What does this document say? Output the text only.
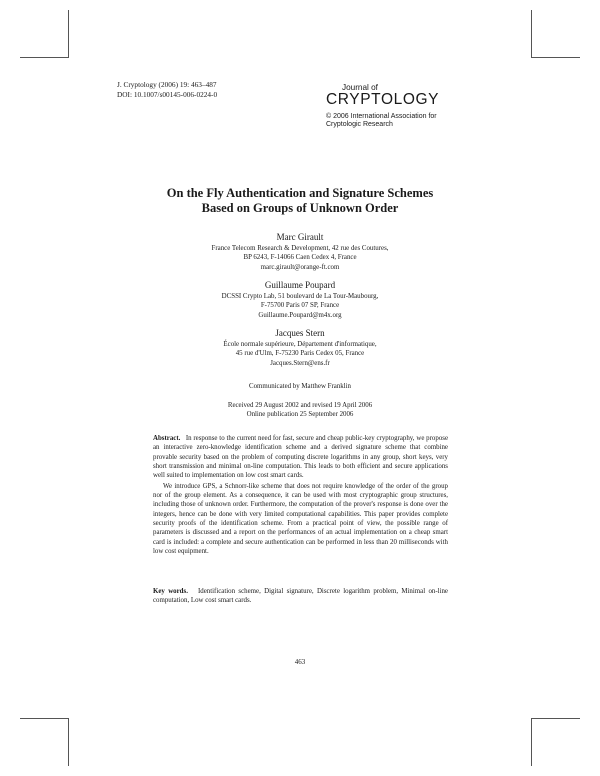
J. Cryptology (2006) 19: 463–487
DOI: 10.1007/s00145-006-0224-0
Journal of
CRYPTOLOGY
© 2006 International Association for
Cryptologic Research
On the Fly Authentication and Signature Schemes
Based on Groups of Unknown Order
Marc Girault
France Telecom Research & Development, 42 rue des Coutures,
BP 6243, F-14066 Caen Cedex 4, France
marc.girault@orange-ft.com
Guillaume Poupard
DCSSI Crypto Lab, 51 boulevard de La Tour-Maubourg,
F-75700 Paris 07 SP, France
Guillaume.Poupard@m4x.org
Jacques Stern
École normale supérieure, Département d'informatique,
45 rue d'Ulm, F-75230 Paris Cedex 05, France
Jacques.Stern@ens.fr
Communicated by Matthew Franklin
Received 29 August 2002 and revised 19 April 2006
Online publication 25 September 2006

Abstract. In response to the current need for fast, secure and cheap public-key cryptography, we propose an interactive zero-knowledge identification scheme and a derived signature scheme that combine provable security based on the problem of computing discrete logarithms in any group, short keys, very short transmission and minimal on-line computation. This leads to both efficient and secure applications well suited to implementation on low cost smart cards.

We introduce GPS, a Schnorr-like scheme that does not require knowledge of the order of the group nor of the group element. As a consequence, it can be used with most cryptographic group structures, including those of unknown order. Furthermore, the computation of the prover's response is done over the integers, hence can be done with very limited computational capabilities. This paper provides complete security proofs of the identification scheme. From a practical point of view, the possible range of parameters is discussed and a report on the performances of an actual implementation on a cheap smart card is included: a complete and secure authentication can be performed in less than 20 milliseconds with low cost equipment.

Key words. Identification scheme, Digital signature, Discrete logarithm problem, Minimal on-line computation, Low cost smart cards.
463
